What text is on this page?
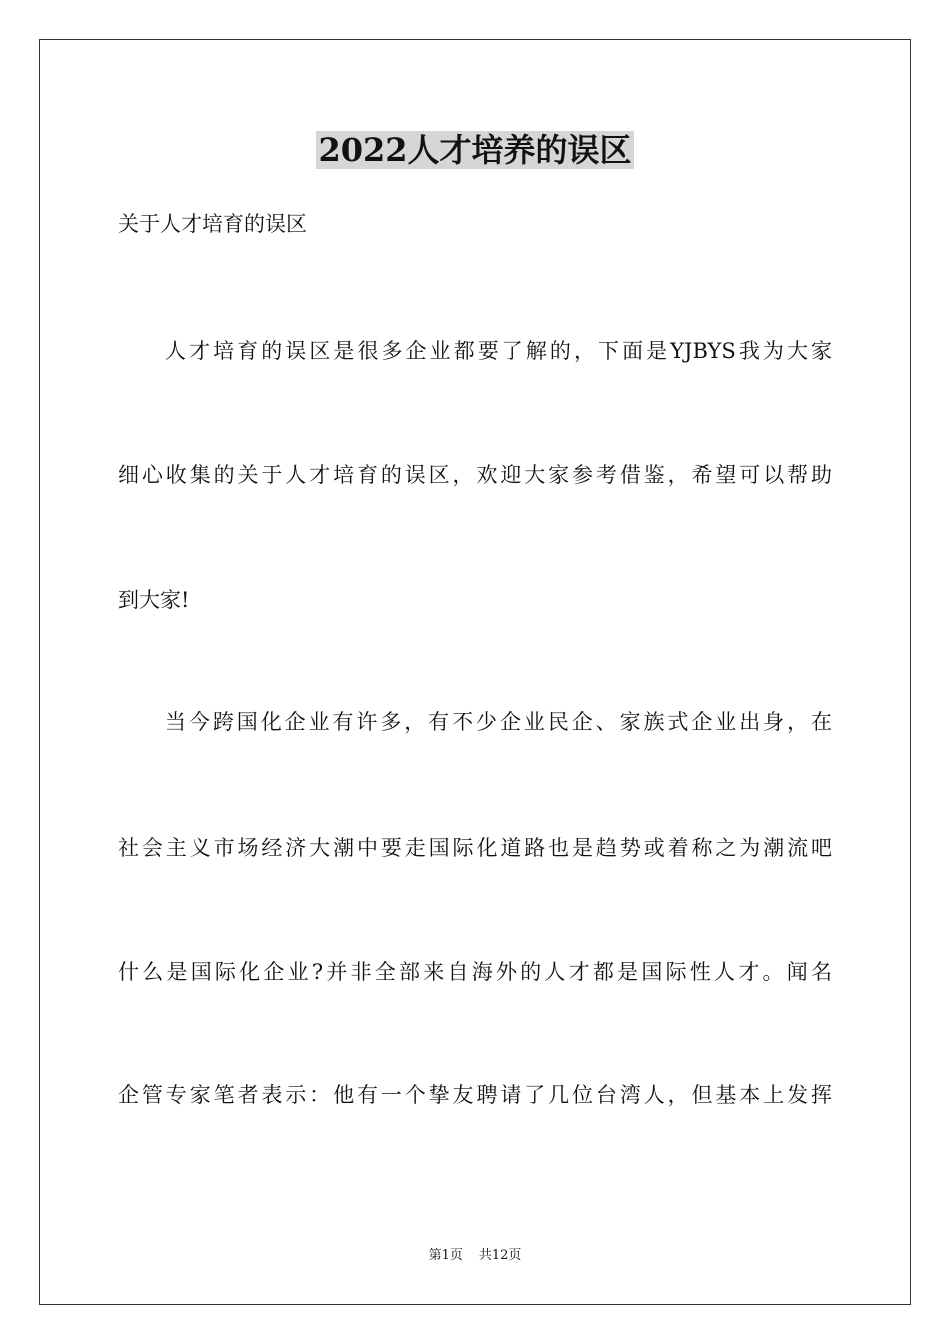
2022人才培养的误区
关于人才培育的误区
人才培育的误区是很多企业都要了解的，下面是YJBYS我为大家
细心收集的关于人才培育的误区，欢迎大家参考借鉴，希望可以帮助
到大家!
当今跨国化企业有许多，有不少企业民企、家族式企业出身，在
社会主义市场经济大潮中要走国际化道路也是趋势或着称之为潮流吧
什么是国际化企业?并非全部来自海外的人才都是国际性人才。闻名
企管专家笔者表示：他有一个挚友聘请了几位台湾人，但基本上发挥
第1页 共12页
